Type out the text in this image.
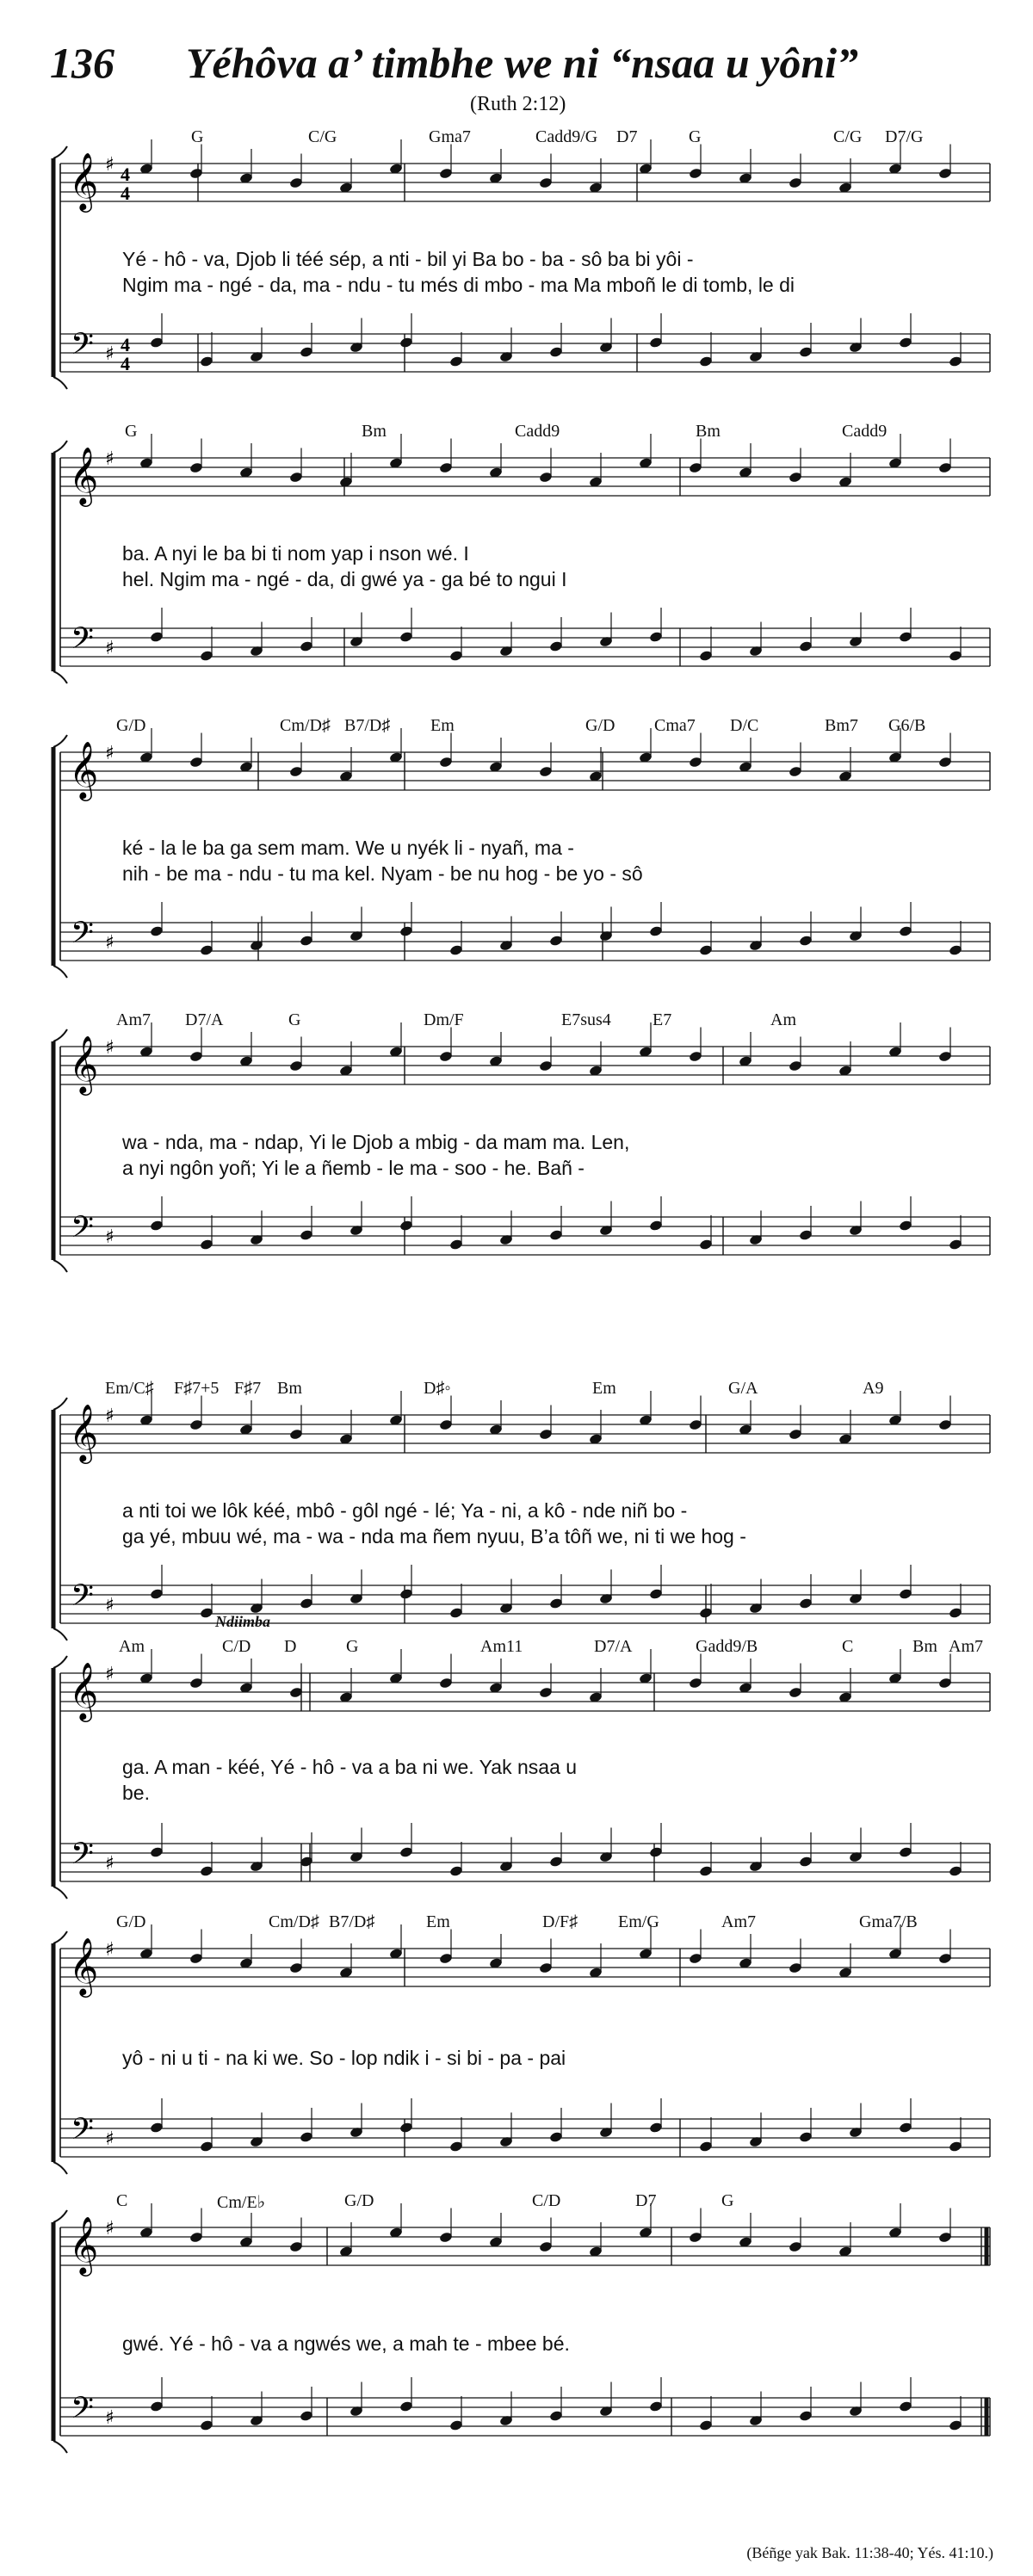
136 Yéhôva a’ timbhe we ni “nsaa u yôni”
(Ruth 2:12)
𝄞
𝄢
♯
♯
4
4
4
4
𝄞
𝄢
♯
♯
𝄞
𝄢
♯
♯
𝄞
𝄢
♯
♯
𝄞
𝄢
♯
♯
𝄞
𝄢
♯
♯
𝄞
𝄢
♯
♯
𝄞
𝄢
♯
♯
G	C/G	Gma7	Cadd9/G D7	G	C/G D7/G
Yé - hô - va, Djob li téé sép, a nti - bil yi Ba bo - ba - sô ba bi yôi -
Ngim ma - ngé - da, ma - ndu - tu més di mbo - ma Ma mboñ le di tomb, le di
G	Bm	Cadd9	Bm	Cadd9
ba. A nyi le ba bi ti nom yap i nson wé. I
hel. Ngim ma - ngé - da, di gwé ya - ga bé to ngui I
G/D	Cm/D♯ B7/D♯ Em	G/D Cma7 D/C	Bm7 G6/B
ké - la le ba ga sem mam. We u nyék li - nyañ, ma -
nih - be ma - ndu - tu ma kel. Nyam - be nu hog - be yo - sô
Am7 D7/A	G	Dm/F	E7sus4 E7	Am
wa - nda, ma - ndap, Yi le Djob a mbig - da mam ma. Len,
a nyi ngôn yoñ; Yi le a ñemb - le ma - soo - he. Bañ -
Em/C♯ F♯7+5 F♯7 Bm	D♯◦	Em	G/A	A9
a nti toi we lôk kéé, mbô - gôl ngé - lé; Ya - ni, a kô - nde niñ bo -
ga yé, mbuu wé, ma - wa - nda ma ñem nyuu, B’a tôñ we, ni ti we hog -
Ndiimba
Am	C/D D	G	Am11	D7/A	Gadd9/B	C	Bm Am7
ga. A man - kéé, Yé - hô - va a ba ni we. Yak nsaa u
be.
G/D	Cm/D♯ B7/D♯	Em	D/F♯ Em/G	Am7	Gma7/B
yô - ni u ti - na ki we. So - lop ndik i - si bi - pa - pai
C	Cm/E♭	G/D	C/D	D7	G
gwé. Yé - hô - va a ngwés we, a mah te - mbee bé.
(Béñge yak Bak. 11:38-40; Yés. 41:10.)
